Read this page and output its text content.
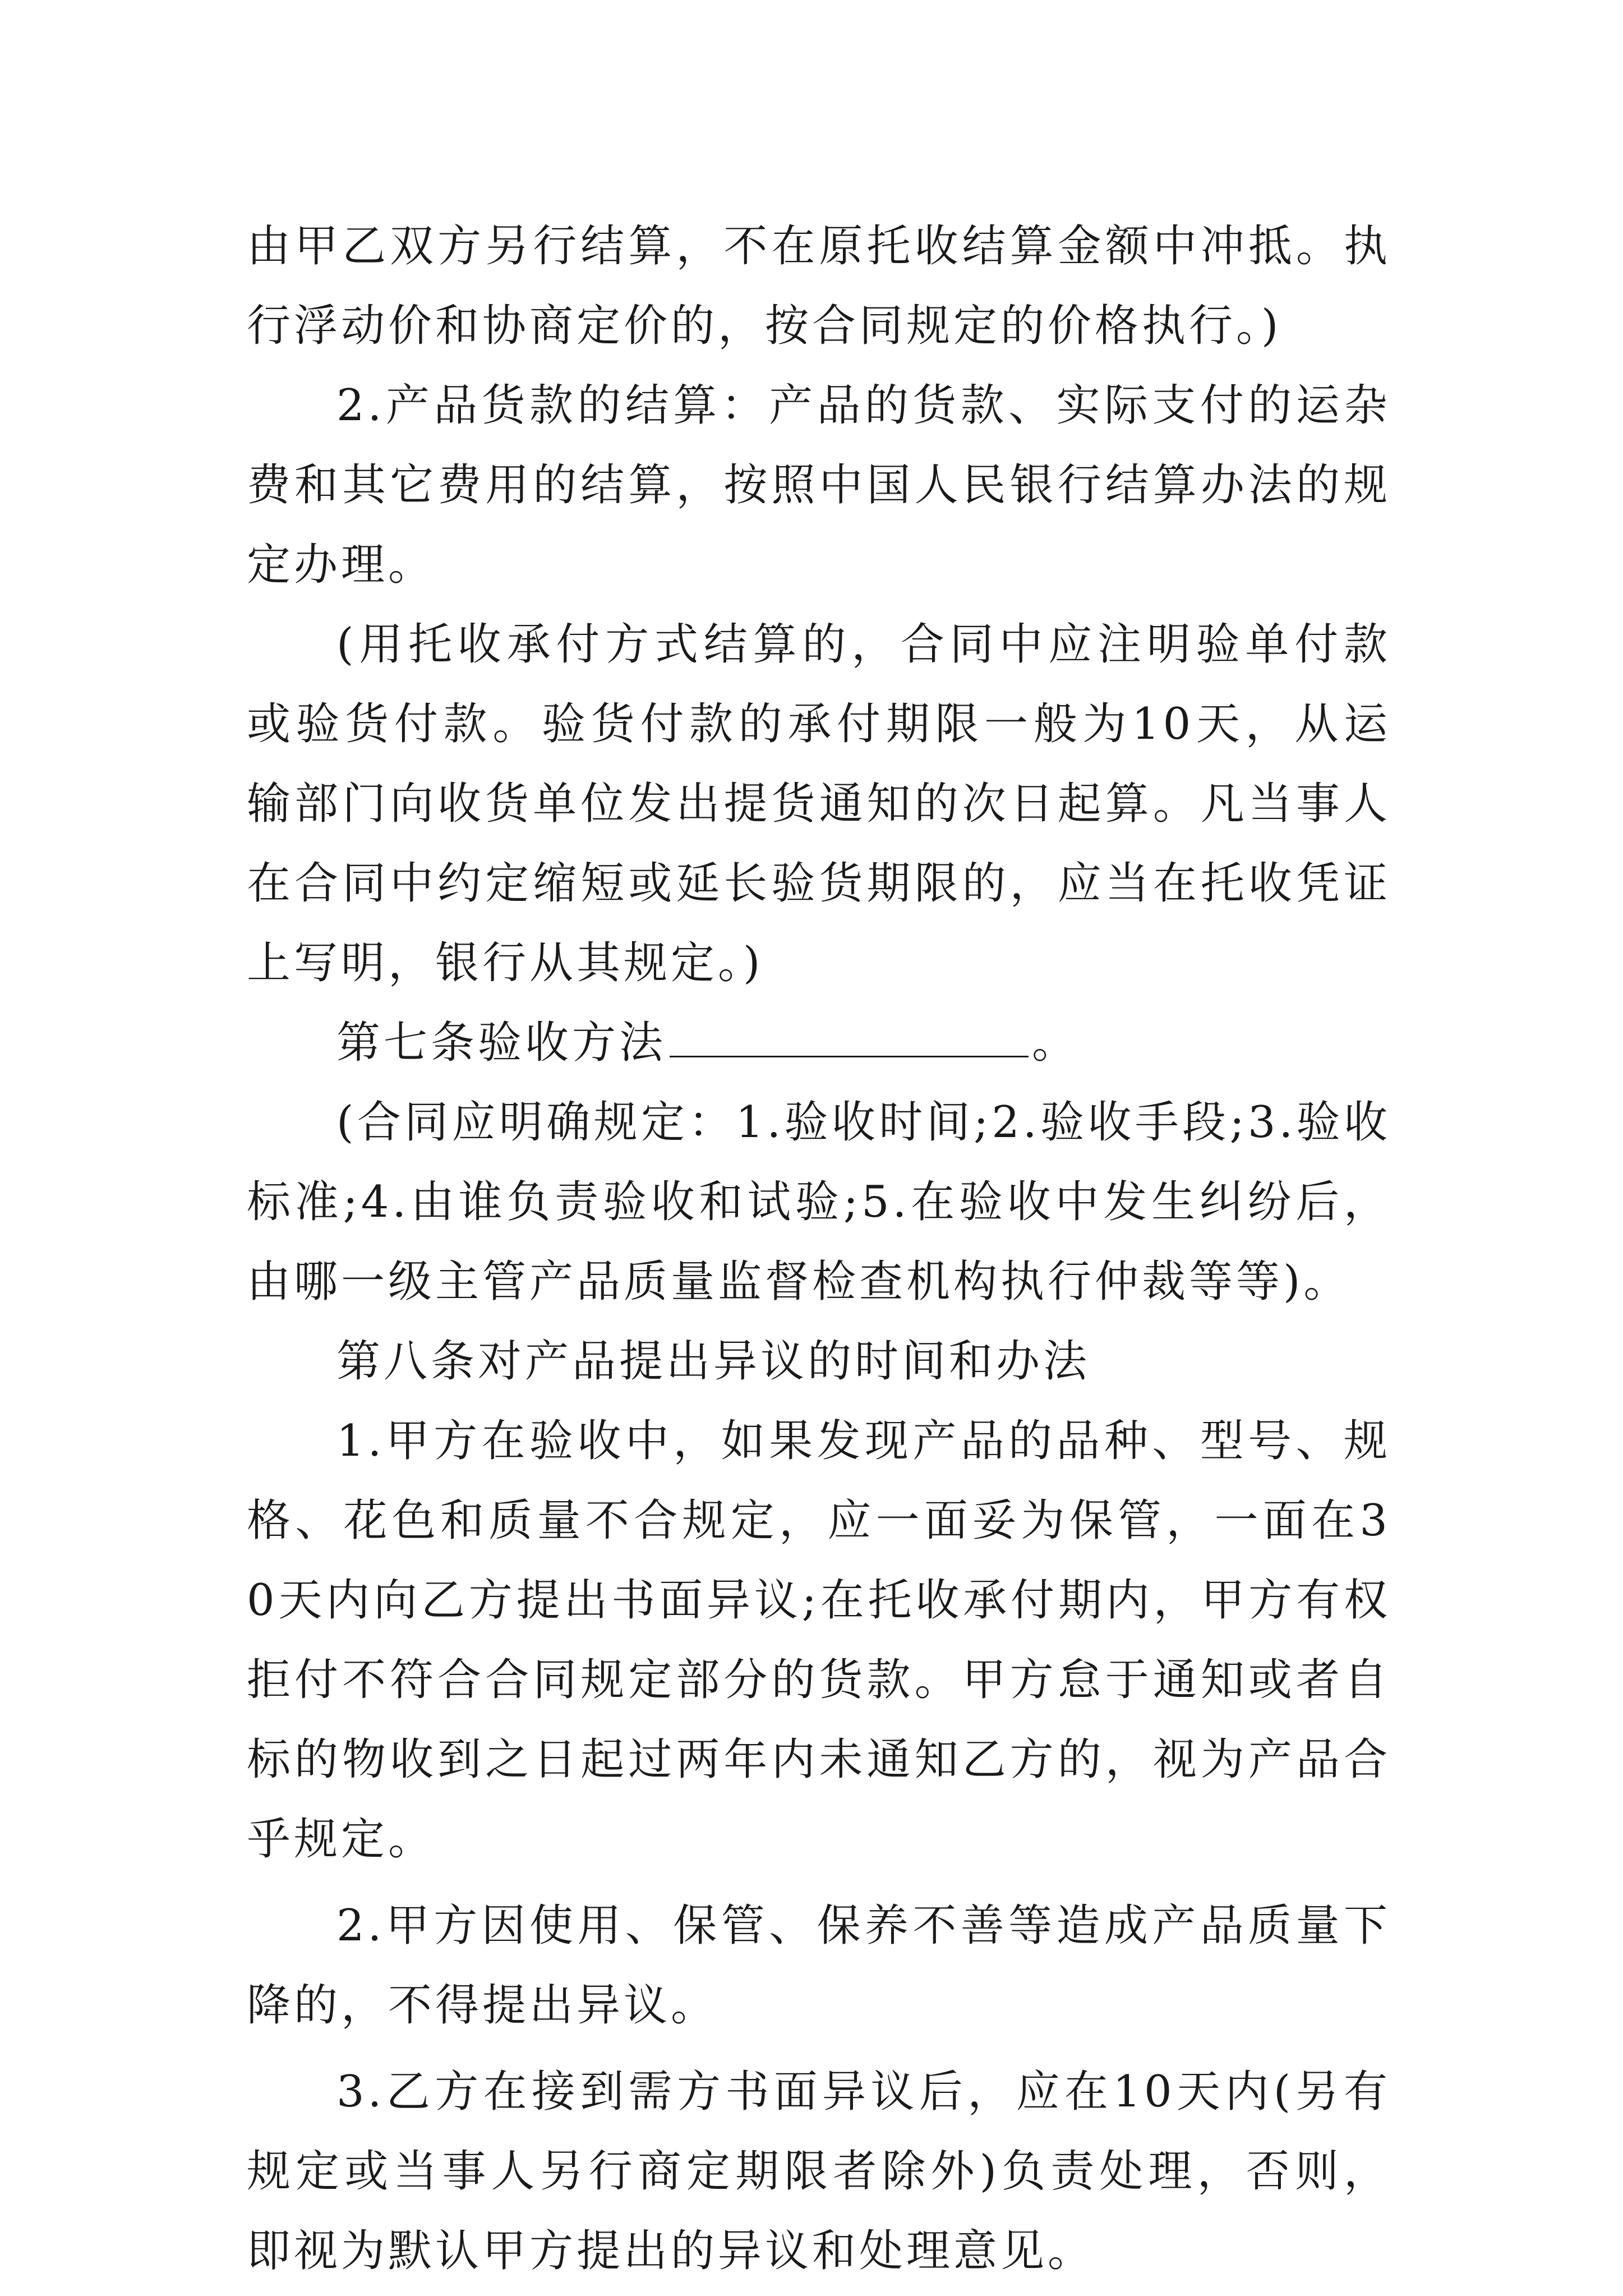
由甲乙双方另行结算，不在原托收结算金额中冲抵。执行浮动价和协商定价的，按合同规定的价格执行。)

2.产品货款的结算：产品的货款、实际支付的运杂费和其它费用的结算，按照中国人民银行结算办法的规定办理。

(用托收承付方式结算的，合同中应注明验单付款或验货付款。验货付款的承付期限一般为10天，从运输部门向收货单位发出提货通知的次日起算。凡当事人在合同中约定缩短或延长验货期限的，应当在托收凭证上写明，银行从其规定。)

第七条验收方法	。

(合同应明确规定：1.验收时间;2.验收手段;3.验收标准;4.由谁负责验收和试验;5.在验收中发生纠纷后，由哪一级主管产品质量监督检查机构执行仲裁等等)。

第八条对产品提出异议的时间和办法

1.甲方在验收中，如果发现产品的品种、型号、规格、花色和质量不合规定，应一面妥为保管，一面在30天内向乙方提出书面异议;在托收承付期内，甲方有权拒付不符合合同规定部分的货款。甲方怠于通知或者自标的物收到之日起过两年内未通知乙方的，视为产品合乎规定。

2.甲方因使用、保管、保养不善等造成产品质量下降的，不得提出异议。

3.乙方在接到需方书面异议后，应在10天内(另有规定或当事人另行商定期限者除外)负责处理，否则，即视为默认甲方提出的异议和处理意见。
